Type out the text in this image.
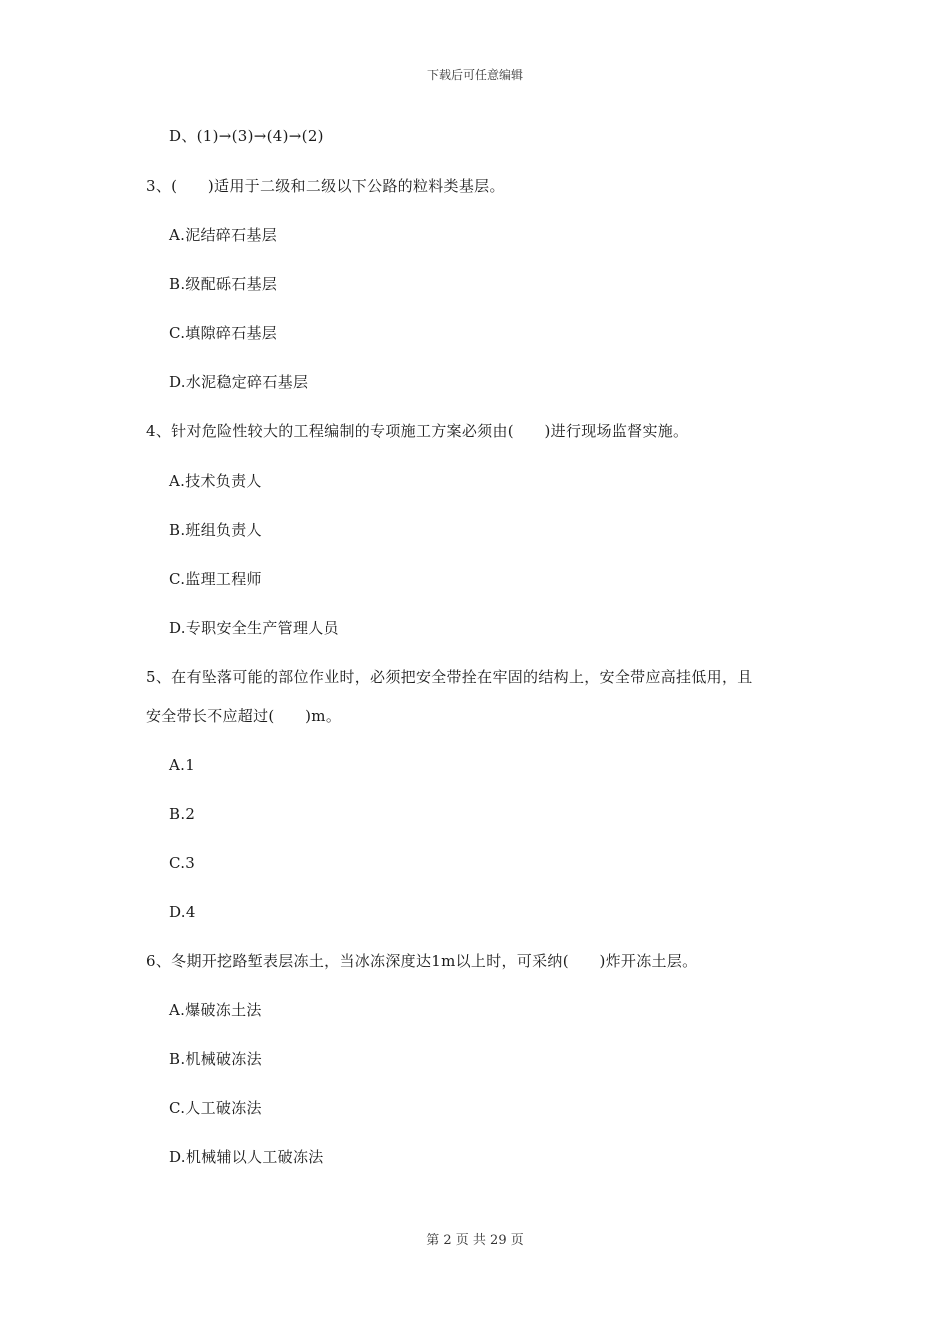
下载后可任意编辑
D、(1)→(3)→(4)→(2)
3、(　　)适用于二级和二级以下公路的粒料类基层。
A.泥结碎石基层
B.级配砾石基层
C.填隙碎石基层
D.水泥稳定碎石基层
4、针对危险性较大的工程编制的专项施工方案必须由(　　)进行现场监督实施。
A.技术负责人
B.班组负责人
C.监理工程师
D.专职安全生产管理人员
5、在有坠落可能的部位作业时，必须把安全带拴在牢固的结构上，安全带应高挂低用，且
安全带长不应超过(　　)m。
A.1
B.2
C.3
D.4
6、冬期开挖路堑表层冻土，当冰冻深度达1m以上时，可采纳(　　)炸开冻土层。
A.爆破冻土法
B.机械破冻法
C.人工破冻法
D.机械辅以人工破冻法
第 2 页 共 29 页
